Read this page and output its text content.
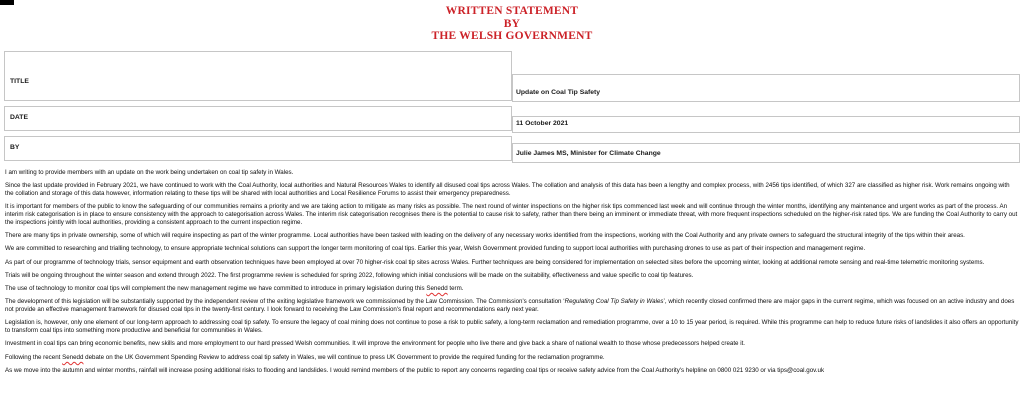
WRITTEN STATEMENT
BY
THE WELSH GOVERNMENT
TITLE
Update on Coal Tip Safety
DATE
11 October 2021
BY
Julie James MS, Minister for Climate Change

I am writing to provide members with an update on the work being undertaken on coal tip safety in Wales.

Since the last update provided in February 2021, we have continued to work with the Coal Authority, local authorities and Natural Resources Wales to identify all disused coal tips across Wales. The collation and analysis of this data has been a lengthy and complex process, with 2456 tips identified, of which 327 are classified as higher risk. Work remains ongoing with the collation and storage of this data however, information relating to these tips will be shared with local authorities and Local Resilience Forums to assist their emergency preparedness.

It is important for members of the public to know the safeguarding of our communities remains a priority and we are taking action to mitigate as many risks as possible. The next round of winter inspections on the higher risk tips commenced last week and will continue through the winter months, identifying any maintenance and urgent works as part of the process. An interim risk categorisation is in place to ensure consistency with the approach to categorisation across Wales. The interim risk categorisation recognises there is the potential to cause risk to safety, rather than there being an imminent or immediate threat, with more frequent inspections scheduled on the higher-risk rated tips. We are funding the Coal Authority to carry out the inspections jointly with local authorities, providing a consistent approach to the current inspection regime.

There are many tips in private ownership, some of which will require inspecting as part of the winter programme. Local authorities have been tasked with leading on the delivery of any necessary works identified from the inspections, working with the Coal Authority and any private owners to safeguard the structural integrity of the tips within their areas.

We are committed to researching and trialling technology, to ensure appropriate technical solutions can support the longer term monitoring of coal tips. Earlier this year, Welsh Government provided funding to support local authorities with purchasing drones to use as part of their inspection and management regime.

As part of our programme of technology trials, sensor equipment and earth observation techniques have been employed at over 70 higher-risk coal tip sites across Wales. Further techniques are being considered for implementation on selected sites before the upcoming winter, looking at additional remote sensing and real-time telemetric monitoring systems.

Trials will be ongoing throughout the winter season and extend through 2022. The first programme review is scheduled for spring 2022, following which initial conclusions will be made on the suitability, effectiveness and value specific to coal tip features.

The use of technology to monitor coal tips will complement the new management regime we have committed to introduce in primary legislation during this Senedd term.

The development of this legislation will be substantially supported by the independent review of the exiting legislative framework we commissioned by the Law Commission. The Commission's consultation ‘Regulating Coal Tip Safety in Wales’, which recently closed confirmed there are major gaps in the current regime, which was focused on an active industry and does not provide an effective management framework for disused coal tips in the twenty-first century. I look forward to receiving the Law Commission's final report and recommendations early next year.

Legislation is, however, only one element of our long-term approach to addressing coal tip safety. To ensure the legacy of coal mining does not continue to pose a risk to public safety, a long-term reclamation and remediation programme, over a 10 to 15 year period, is required. While this programme can help to reduce future risks of landslides it also offers an opportunity to transform coal tips into something more productive and beneficial for communities in Wales.

Investment in coal tips can bring economic benefits, new skills and more employment to our hard pressed Welsh communities. It will improve the environment for people who live there and give back a share of national wealth to those whose predecessors helped create it.

Following the recent Senedd debate on the UK Government Spending Review to address coal tip safety in Wales, we will continue to press UK Government to provide the required funding for the reclamation programme.

As we move into the autumn and winter months, rainfall will increase posing additional risks to flooding and landslides. I would remind members of the public to report any concerns regarding coal tips or receive safety advice from the Coal Authority's helpline on 0800 021 9230 or via tips@coal.gov.uk
